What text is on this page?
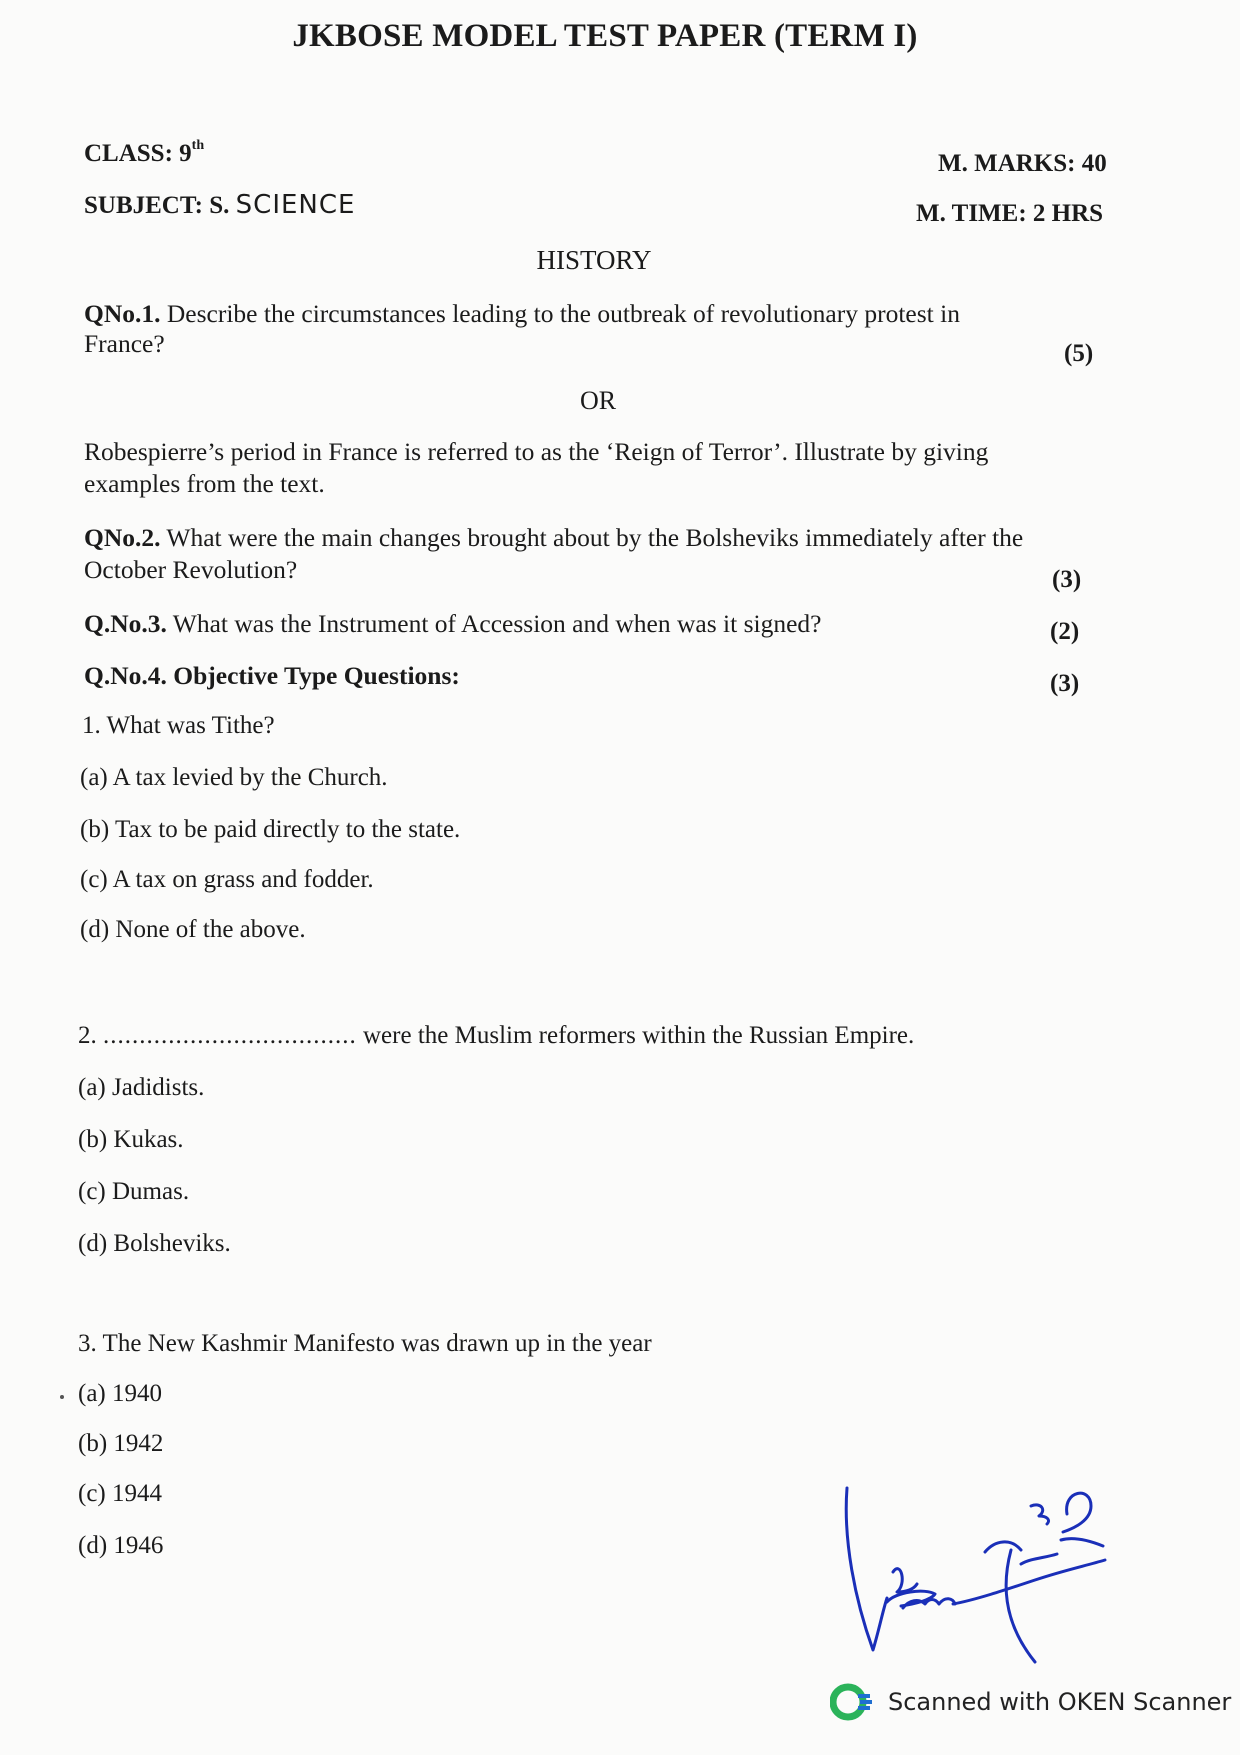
JKBOSE MODEL TEST PAPER (TERM I)
CLASS: 9th
M. MARKS: 40
SUBJECT: S. SCIENCE	M. TIME: 2 HRS
HISTORY
QNo.1. Describe the circumstances leading to the outbreak of revolutionary protest in
France?	(5)
OR
Robespierre’s period in France is referred to as the ‘Reign of Terror’. Illustrate by giving
examples from the text.
QNo.2. What were the main changes brought about by the Bolsheviks immediately after the
October Revolution?	(3)
Q.No.3. What was the Instrument of Accession and when was it signed?	(2)
Q.No.4. Objective Type Questions:	(3)
1. What was Tithe?
(a) A tax levied by the Church.
(b) Tax to be paid directly to the state.
(c) A tax on grass and fodder.
(d) None of the above.
2. ................................... were the Muslim reformers within the Russian Empire.
(a) Jadidists.
(b) Kukas.
(c) Dumas.
(d) Bolsheviks.
3. The New Kashmir Manifesto was drawn up in the year
(a) 1940
(b) 1942
(c) 1944
(d) 1946
Scanned with OKEN Scanner
